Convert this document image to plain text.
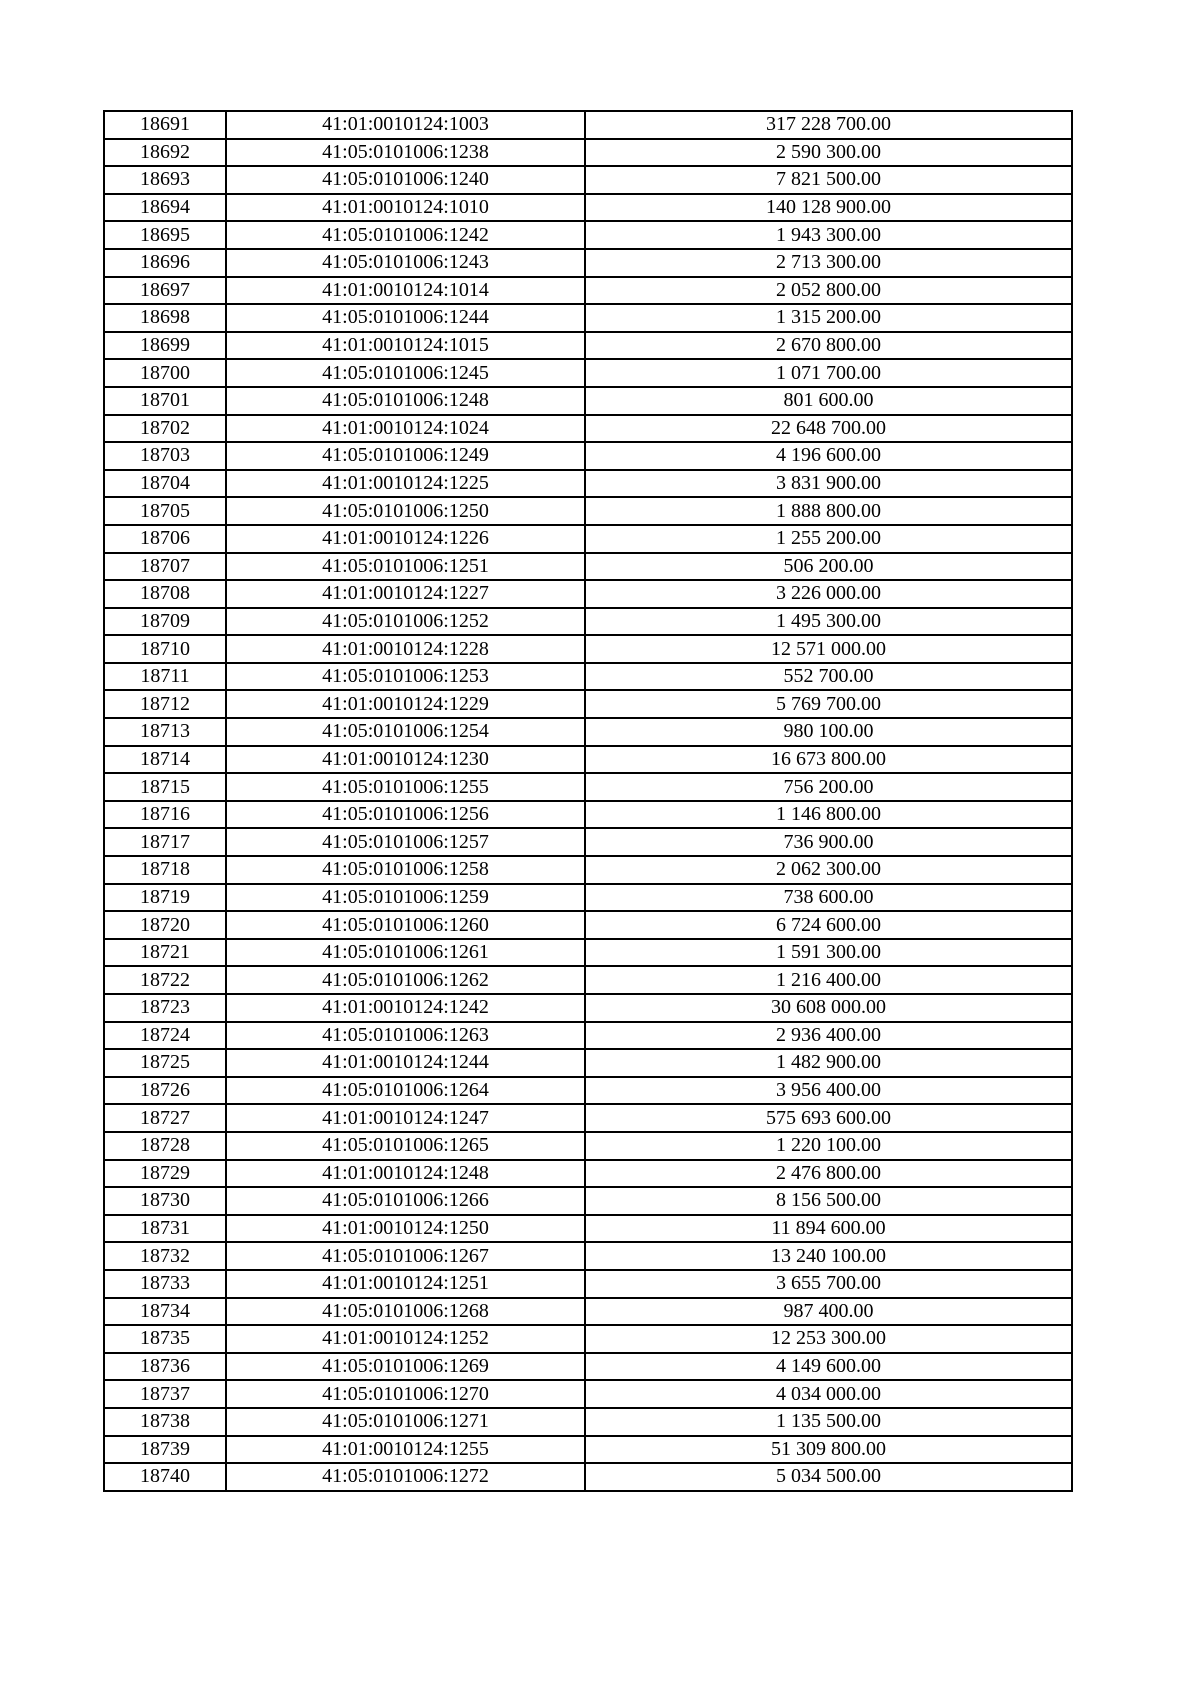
18691	41:01:0010124:1003	317 228 700.00
18692	41:05:0101006:1238	2 590 300.00
18693	41:05:0101006:1240	7 821 500.00
18694	41:01:0010124:1010	140 128 900.00
18695	41:05:0101006:1242	1 943 300.00
18696	41:05:0101006:1243	2 713 300.00
18697	41:01:0010124:1014	2 052 800.00
18698	41:05:0101006:1244	1 315 200.00
18699	41:01:0010124:1015	2 670 800.00
18700	41:05:0101006:1245	1 071 700.00
18701	41:05:0101006:1248	801 600.00
18702	41:01:0010124:1024	22 648 700.00
18703	41:05:0101006:1249	4 196 600.00
18704	41:01:0010124:1225	3 831 900.00
18705	41:05:0101006:1250	1 888 800.00
18706	41:01:0010124:1226	1 255 200.00
18707	41:05:0101006:1251	506 200.00
18708	41:01:0010124:1227	3 226 000.00
18709	41:05:0101006:1252	1 495 300.00
18710	41:01:0010124:1228	12 571 000.00
18711	41:05:0101006:1253	552 700.00
18712	41:01:0010124:1229	5 769 700.00
18713	41:05:0101006:1254	980 100.00
18714	41:01:0010124:1230	16 673 800.00
18715	41:05:0101006:1255	756 200.00
18716	41:05:0101006:1256	1 146 800.00
18717	41:05:0101006:1257	736 900.00
18718	41:05:0101006:1258	2 062 300.00
18719	41:05:0101006:1259	738 600.00
18720	41:05:0101006:1260	6 724 600.00
18721	41:05:0101006:1261	1 591 300.00
18722	41:05:0101006:1262	1 216 400.00
18723	41:01:0010124:1242	30 608 000.00
18724	41:05:0101006:1263	2 936 400.00
18725	41:01:0010124:1244	1 482 900.00
18726	41:05:0101006:1264	3 956 400.00
18727	41:01:0010124:1247	575 693 600.00
18728	41:05:0101006:1265	1 220 100.00
18729	41:01:0010124:1248	2 476 800.00
18730	41:05:0101006:1266	8 156 500.00
18731	41:01:0010124:1250	11 894 600.00
18732	41:05:0101006:1267	13 240 100.00
18733	41:01:0010124:1251	3 655 700.00
18734	41:05:0101006:1268	987 400.00
18735	41:01:0010124:1252	12 253 300.00
18736	41:05:0101006:1269	4 149 600.00
18737	41:05:0101006:1270	4 034 000.00
18738	41:05:0101006:1271	1 135 500.00
18739	41:01:0010124:1255	51 309 800.00
18740	41:05:0101006:1272	5 034 500.00
